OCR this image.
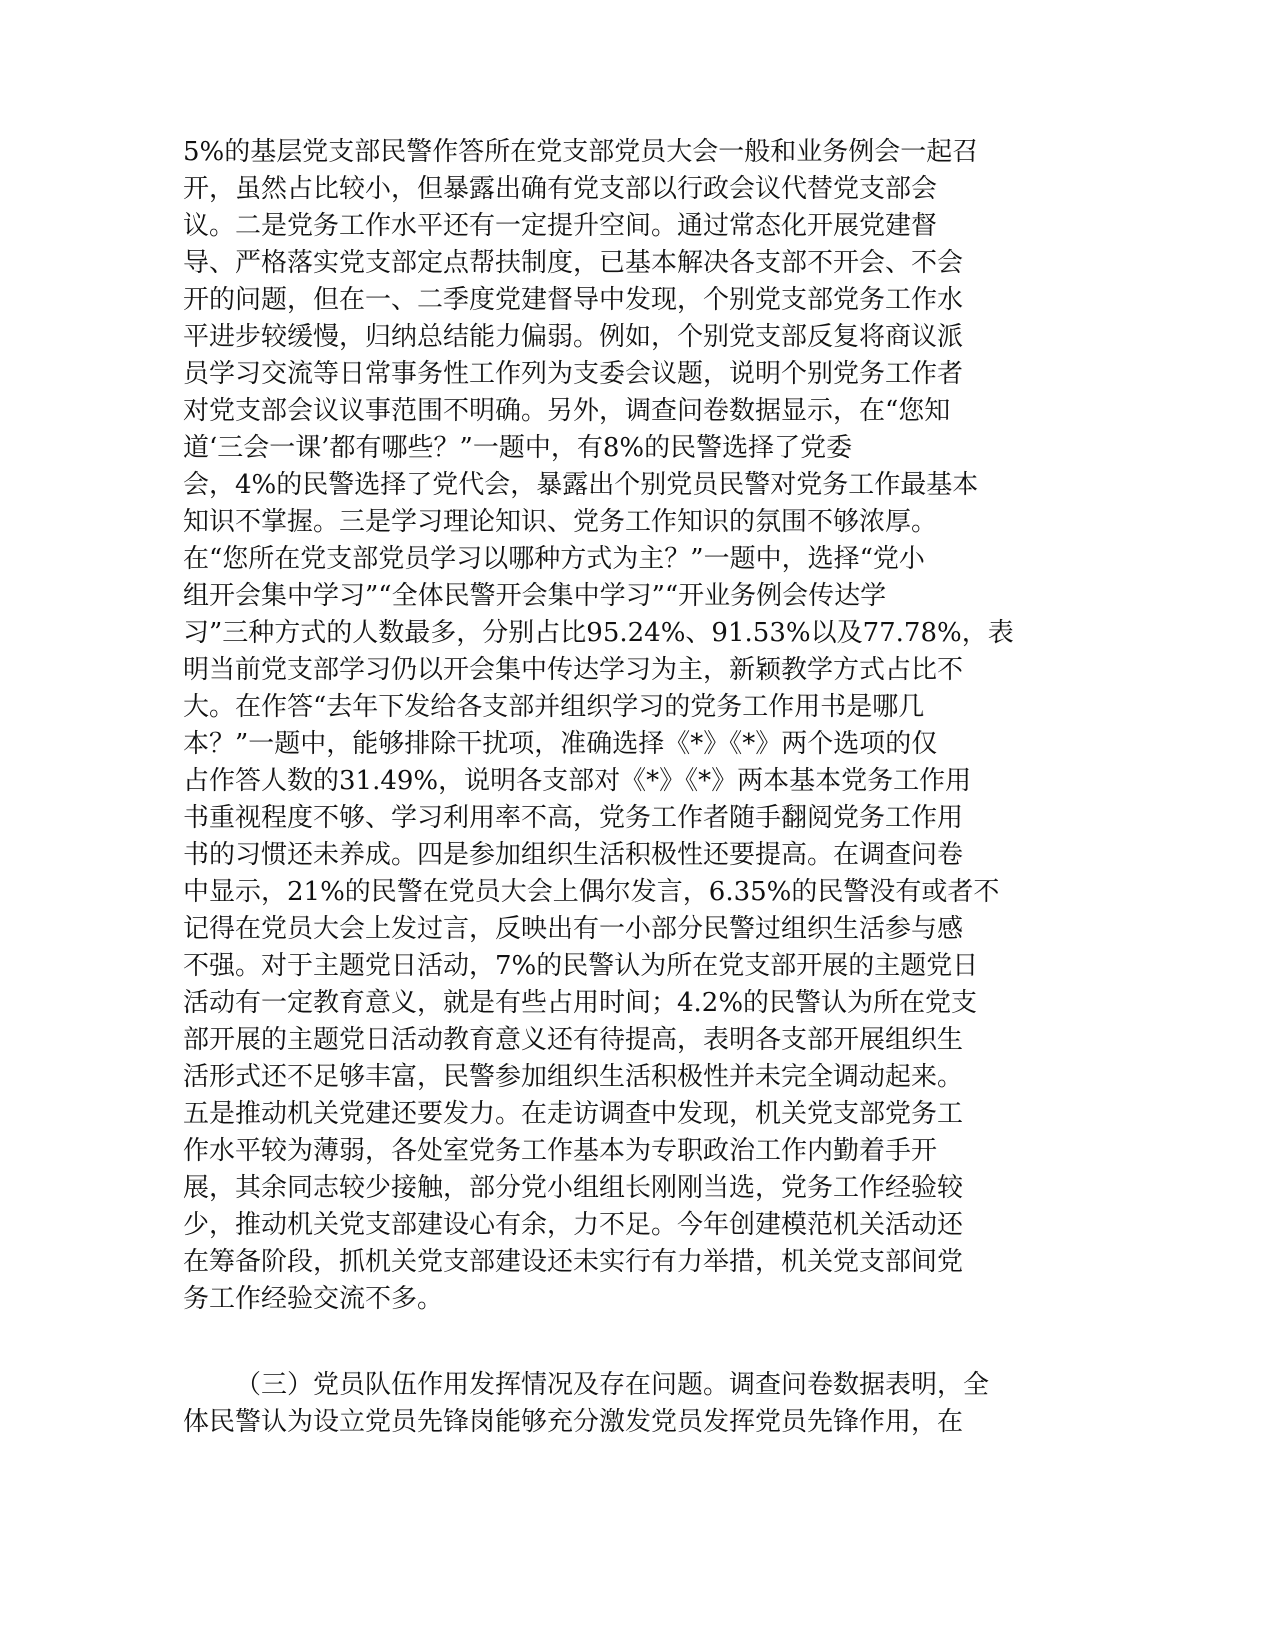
5%的基层党支部民警作答所在党支部党员大会一般和业务例会一起召
开，虽然占比较小，但暴露出确有党支部以行政会议代替党支部会
议。二是党务工作水平还有一定提升空间。通过常态化开展党建督
导、严格落实党支部定点帮扶制度，已基本解决各支部不开会、不会
开的问题，但在一、二季度党建督导中发现，个别党支部党务工作水
平进步较缓慢，归纳总结能力偏弱。例如，个别党支部反复将商议派
员学习交流等日常事务性工作列为支委会议题，说明个别党务工作者
对党支部会议议事范围不明确。另外，调查问卷数据显示，在“您知
道‘三会一课’都有哪些？”一题中，有8%的民警选择了党委
会，4%的民警选择了党代会，暴露出个别党员民警对党务工作最基本
知识不掌握。三是学习理论知识、党务工作知识的氛围不够浓厚。
在“您所在党支部党员学习以哪种方式为主？”一题中，选择“党小
组开会集中学习”“全体民警开会集中学习”“开业务例会传达学
习”三种方式的人数最多，分别占比95.24%、91.53%以及77.78%，表
明当前党支部学习仍以开会集中传达学习为主，新颖教学方式占比不
大。在作答“去年下发给各支部并组织学习的党务工作用书是哪几
本？”一题中，能够排除干扰项，准确选择《*》《*》两个选项的仅
占作答人数的31.49%，说明各支部对《*》《*》两本基本党务工作用
书重视程度不够、学习利用率不高，党务工作者随手翻阅党务工作用
书的习惯还未养成。四是参加组织生活积极性还要提高。在调查问卷
中显示，21%的民警在党员大会上偶尔发言，6.35%的民警没有或者不
记得在党员大会上发过言，反映出有一小部分民警过组织生活参与感
不强。对于主题党日活动，7%的民警认为所在党支部开展的主题党日
活动有一定教育意义，就是有些占用时间；4.2%的民警认为所在党支
部开展的主题党日活动教育意义还有待提高，表明各支部开展组织生
活形式还不足够丰富，民警参加组织生活积极性并未完全调动起来。
五是推动机关党建还要发力。在走访调查中发现，机关党支部党务工
作水平较为薄弱，各处室党务工作基本为专职政治工作内勤着手开
展，其余同志较少接触，部分党小组组长刚刚当选，党务工作经验较
少，推动机关党支部建设心有余，力不足。今年创建模范机关活动还
在筹备阶段，抓机关党支部建设还未实行有力举措，机关党支部间党
务工作经验交流不多。
（三）党员队伍作用发挥情况及存在问题。调查问卷数据表明，全
体民警认为设立党员先锋岗能够充分激发党员发挥党员先锋作用，在
